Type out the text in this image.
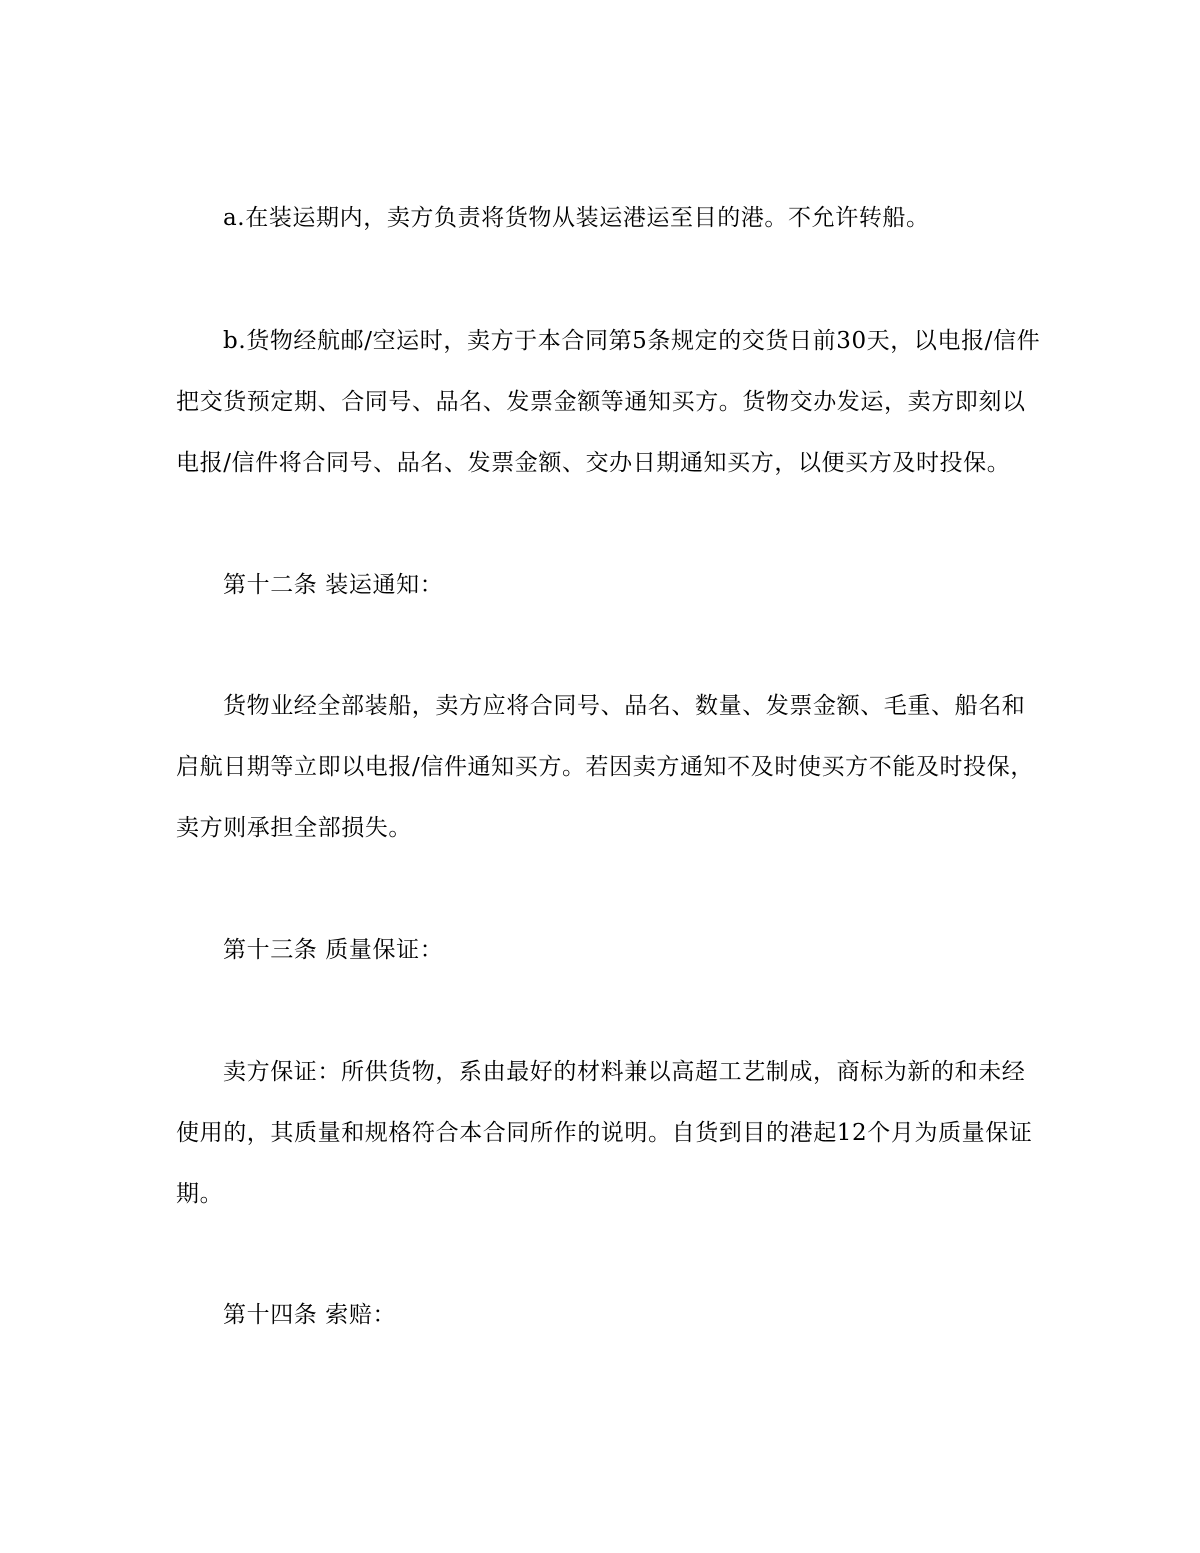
a.在装运期内，卖方负责将货物从装运港运至目的港。不允许转船。
b.货物经航邮/空运时，卖方于本合同第5条规定的交货日前30天，以电报/信件
把交货预定期、合同号、品名、发票金额等通知买方。货物交办发运，卖方即刻以
电报/信件将合同号、品名、发票金额、交办日期通知买方，以便买方及时投保。
第十二条 装运通知：
货物业经全部装船，卖方应将合同号、品名、数量、发票金额、毛重、船名和
启航日期等立即以电报/信件通知买方。若因卖方通知不及时使买方不能及时投保，
卖方则承担全部损失。
第十三条 质量保证：
卖方保证：所供货物，系由最好的材料兼以高超工艺制成，商标为新的和未经
使用的，其质量和规格符合本合同所作的说明。自货到目的港起12个月为质量保证
期。
第十四条 索赔：
